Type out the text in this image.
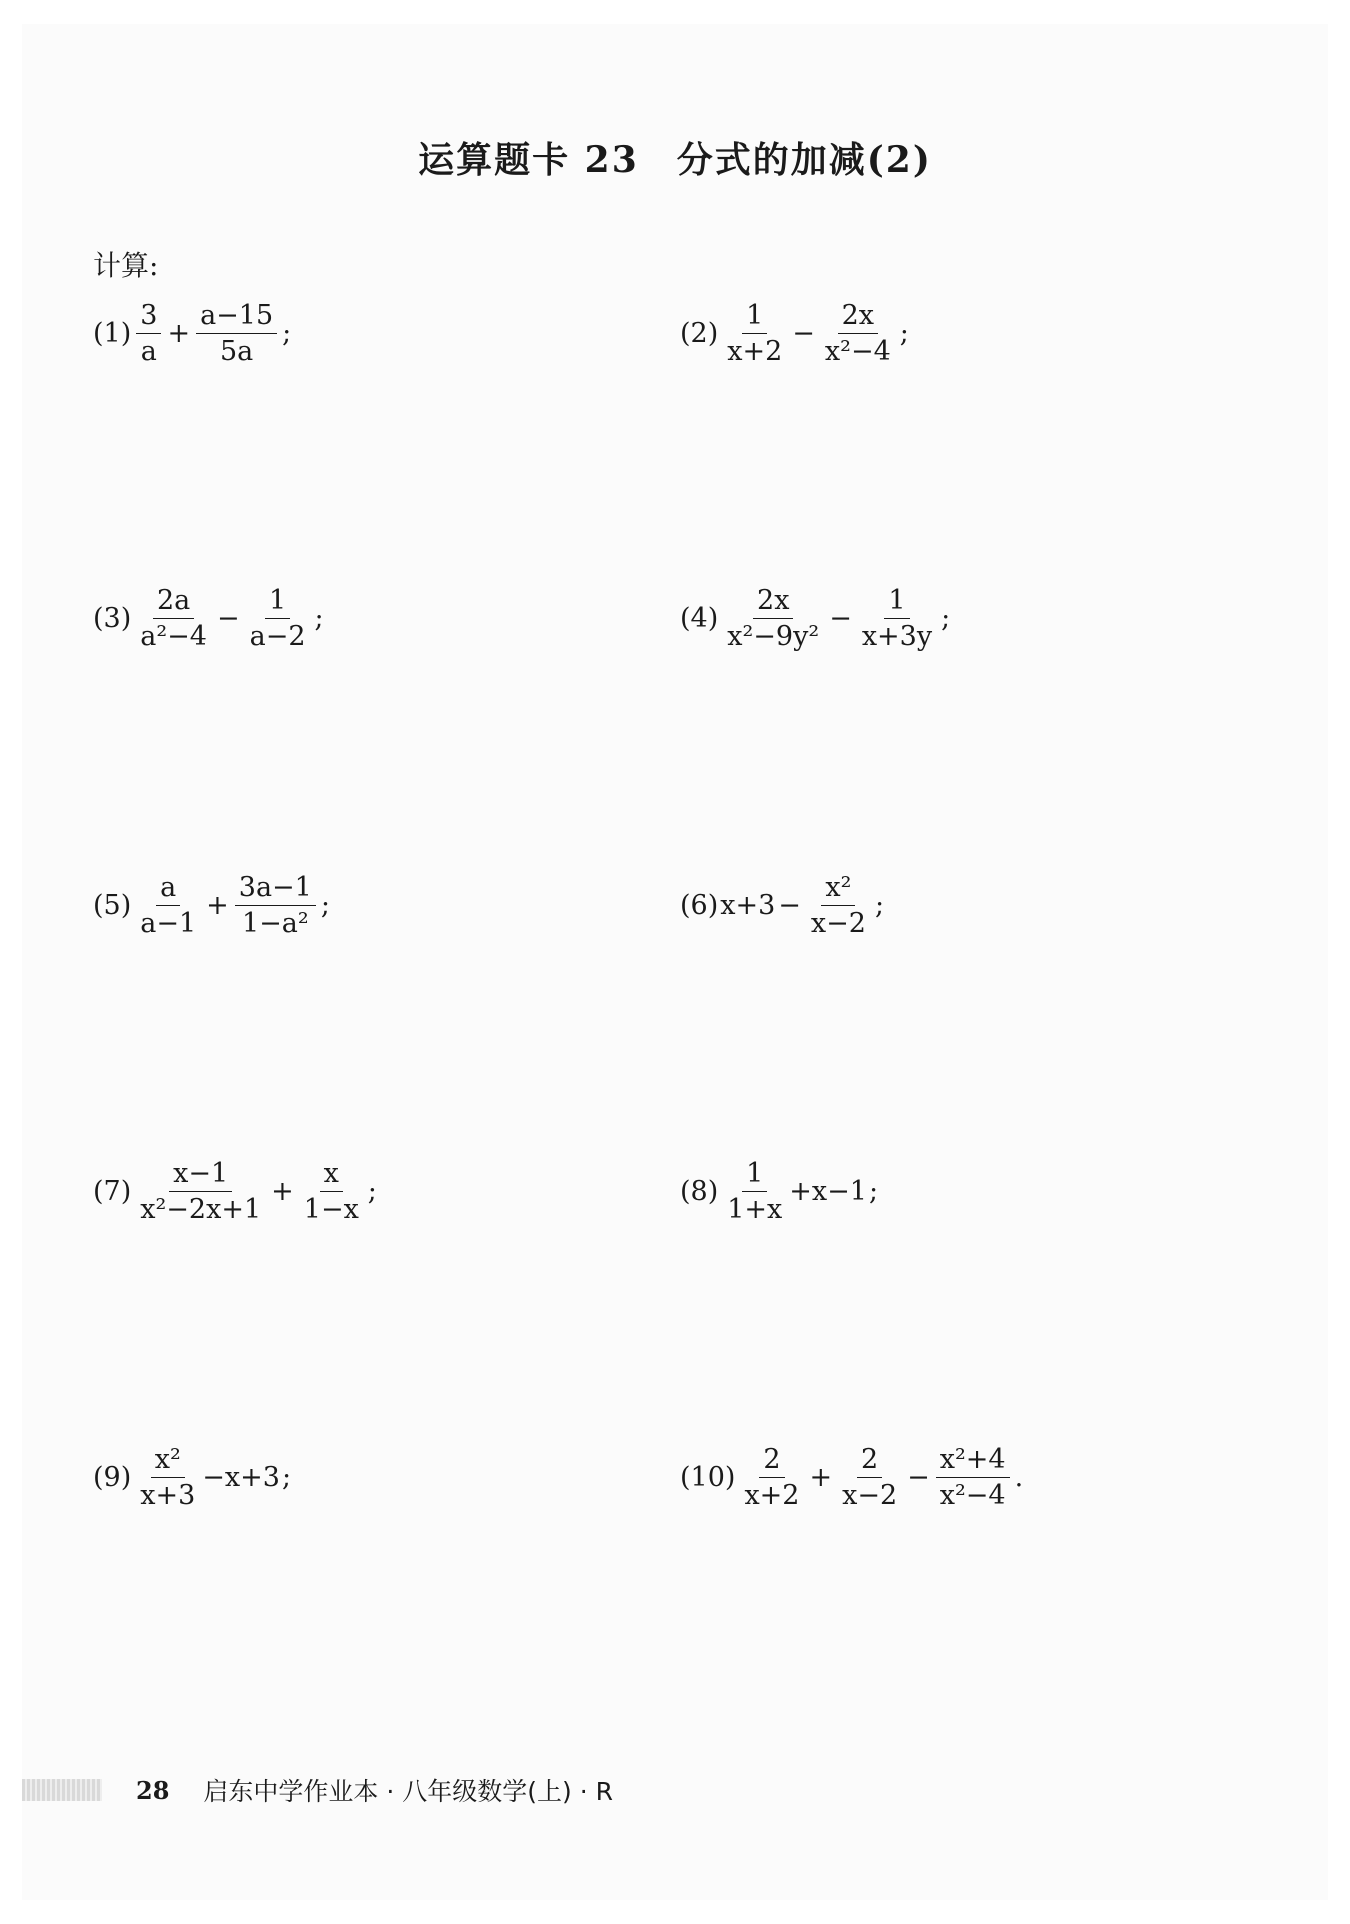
运算题卡 23　分式的加减(2)
计算:
$(1) \frac{3}{a} + \frac{a-15}{5a}$ ;	$(2) \frac{1}{x+2} - \frac{2x}{\text{x²−4}}$ ;
$(3) \frac{2a}{\text{a²−4}} - \frac{1}{a-2}$ ;	$(4) \frac{2x}{\text{x²−9y²}} - \frac{1}{x+3y}$ ;
$(5) \frac{a}{a-1} + \frac{3a-1}{\text{1−a²}}$ ;	(6) $x+3 - \frac{\text{x²}}{x-2}$ ;
$(7) \frac{x-1}{\text{x²−2x+1}} + \frac{x}{1-x}$ ;	$(8) \frac{1}{1+x} +x-1$ ;
$(9) \frac{\text{x²}}{x+3} -x+3$ ;	$(10) \frac{2}{x+2} + \frac{2}{x-2} - \frac{\text{x²+4}}{\text{x²−4}}$ .
28 启东中学作业本 · 八年级数学(上) · R
